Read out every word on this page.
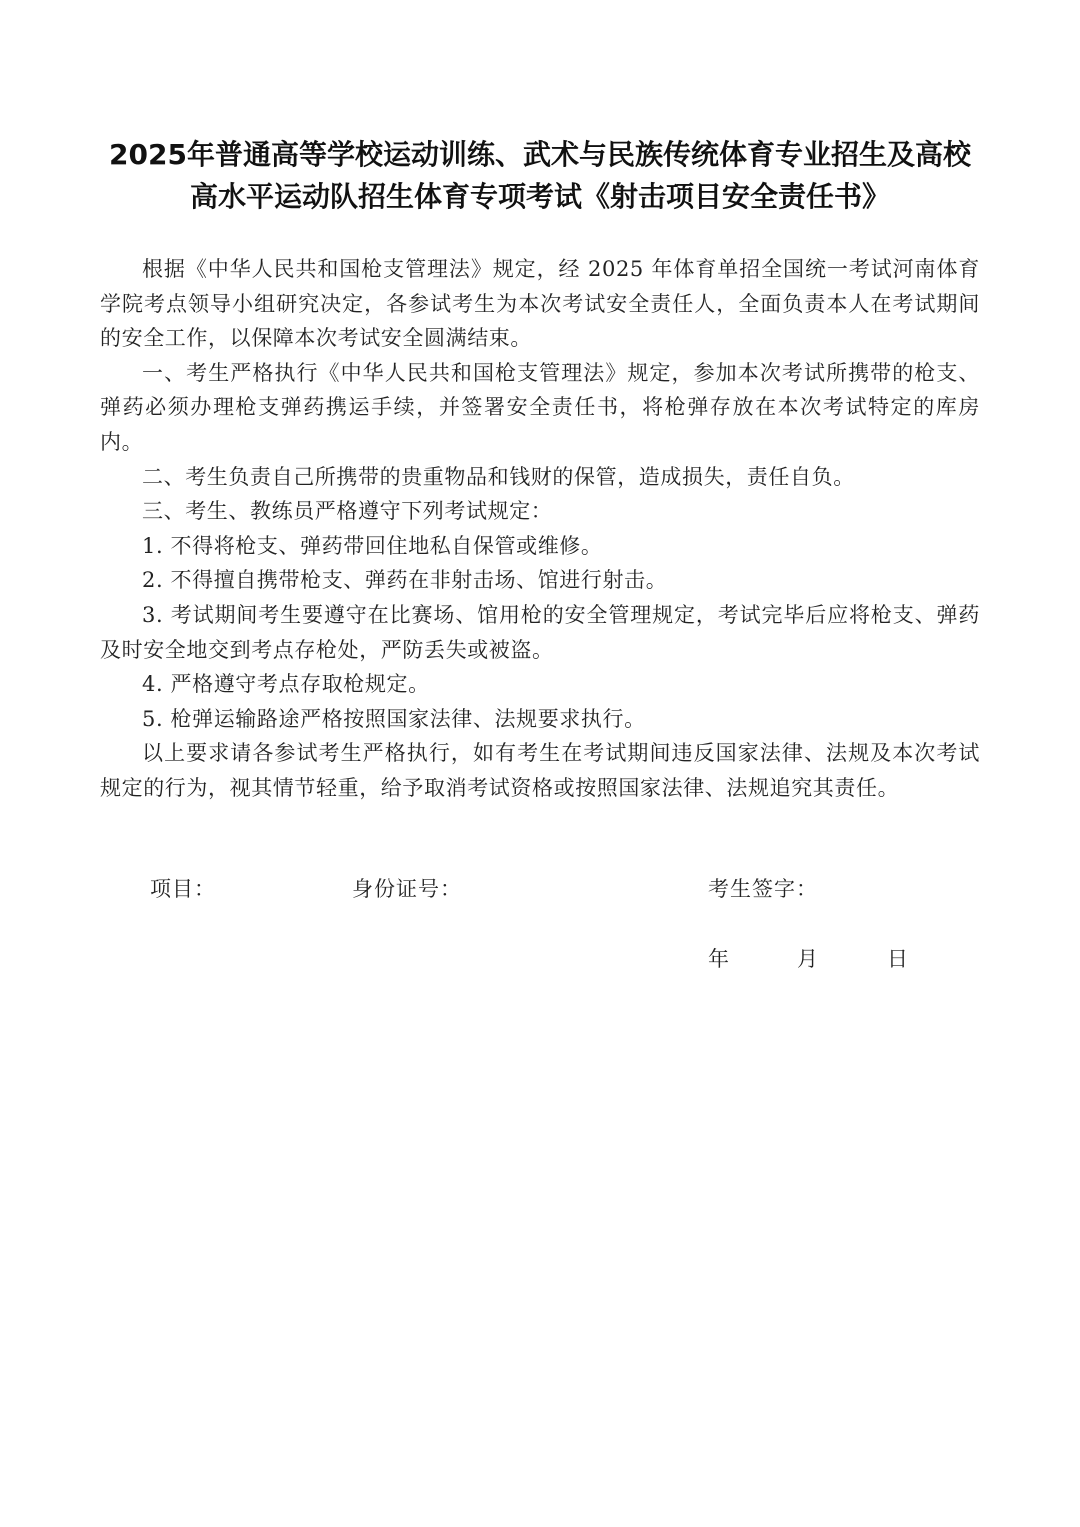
2025年普通高等学校运动训练、武术与民族传统体育专业招生及高校
高水平运动队招生体育专项考试《射击项目安全责任书》

根据《中华人民共和国枪支管理法》规定，经 2025 年体育单招全国统一考试河南体育学院考点领导小组研究决定，各参试考生为本次考试安全责任人，全面负责本人在考试期间的安全工作，以保障本次考试安全圆满结束。

一、考生严格执行《中华人民共和国枪支管理法》规定，参加本次考试所携带的枪支、弹药必须办理枪支弹药携运手续，并签署安全责任书，将枪弹存放在本次考试特定的库房内。

二、考生负责自己所携带的贵重物品和钱财的保管，造成损失，责任自负。

三、考生、教练员严格遵守下列考试规定：

1. 不得将枪支、弹药带回住地私自保管或维修。

2. 不得擅自携带枪支、弹药在非射击场、馆进行射击。

3. 考试期间考生要遵守在比赛场、馆用枪的安全管理规定，考试完毕后应将枪支、弹药及时安全地交到考点存枪处，严防丢失或被盗。

4. 严格遵守考点存取枪规定。

5. 枪弹运输路途严格按照国家法律、法规要求执行。

以上要求请各参试考生严格执行，如有考生在考试期间违反国家法律、法规及本次考试规定的行为，视其情节轻重，给予取消考试资格或按照国家法律、法规追究其责任。

项目：	身份证号：	考生签字：
年	月	日
